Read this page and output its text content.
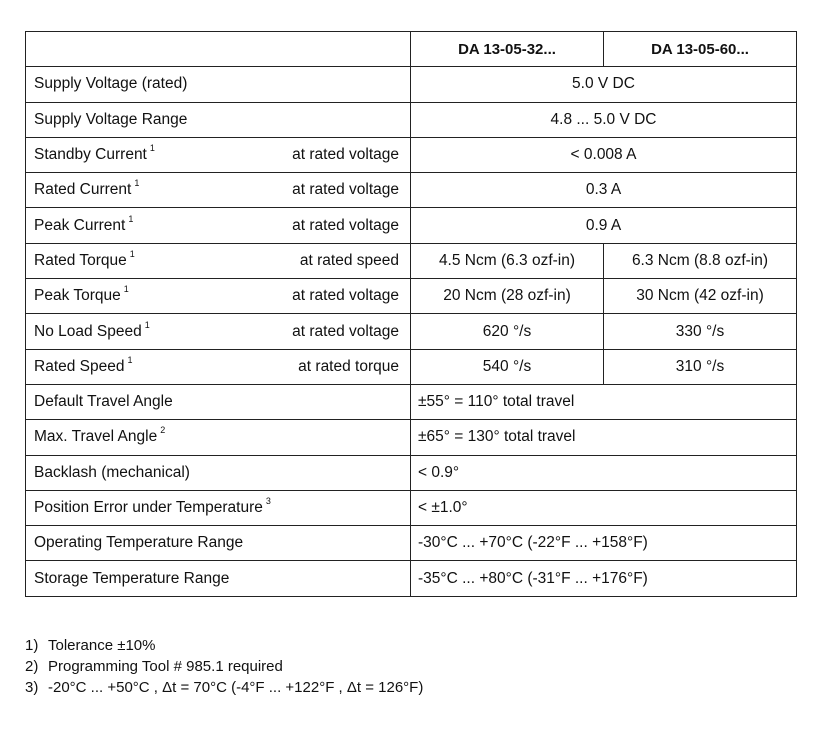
		DA 13-05-32...	DA 13-05-60...
Supply Voltage (rated)		5.0 V DC	
Supply Voltage Range		4.8 ... 5.0 V DC	
Standby Current $^1$	at rated voltage	< 0.008 A	
Rated Current $^1$	at rated voltage	0.3 A	
Peak Current $^1$	at rated voltage	0.9 A	
Rated Torque $^1$	at rated speed	4.5 Ncm (6.3 ozf-in)	6.3 Ncm (8.8 ozf-in)
Peak Torque $^1$	at rated voltage	20 Ncm (28 ozf-in)	30 Ncm (42 ozf-in)
No Load Speed $^1$	at rated voltage	620 °/s	330 °/s
Rated Speed $^1$	at rated torque	540 °/s	310 °/s
Default Travel Angle		±55° = 110° total travel	
Max. Travel Angle $^2$		±65° = 130° total travel	
Backlash (mechanical)		< 0.9°	
Position Error under Temperature $^3$		< ±1.0°	
Operating Temperature Range		-30°C ... +70°C (-22°F ... +158°F)	
Storage Temperature Range		-35°C ... +80°C (-31°F ... +176°F)	
1) Tolerance ±10%
2) Programming Tool # 985.1 required
3) -20°C ... +50°C , Δt = 70°C (-4°F ... +122°F , Δt = 126°F)
